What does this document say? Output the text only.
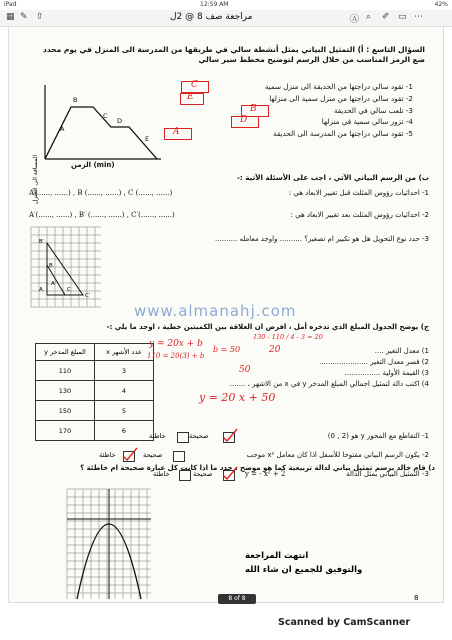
iPad	12:59 AM	42%
▦ ✎ ⇧	مراجعة صف 8 @ 2ل	Ⓐ ⌕ ✐ ▭ ⋯
السؤال التاسع : أ) التمثيل البياني يمثل أنشطة سالي في طريقها من المدرسة الى المنزل في يوم محدد
ضع الرمز المناسب من خلال الرسم لتوضيح مخطط سير سالي
1- تقود سالي دراجتها من الحديقة الى منزل سمية
2- تقود سالي دراجتها من منزل سمية الى منزلها
3- تلعب سالي في الحديقة
4- تزور سالي سمية في منزلها
5- تقود سالي دراجتها من المدرسة الى الحديقة
C
E
B
D
A
A
B
C
D
E
المسافة الى المنزل	(min) الزمن
ب) من الرسم البياني الآتي ، اجب على الأسئلة الآتية :-
1- احداثيات رؤوس المثلث قبل تغيير الابعاد هي :
A(......, ......) , B (......, ......) , C (......, ......)
2- احداثيات رؤوس المثلث بعد تغيير الابعاد هي :
A′(......, ......) , B′ (......, ......) , C′(......, ......)
3- حدد نوع التحويل هل هو تكبير ام تصغير؟ .......... واوجد معامله ..........
B′
B
A′
A	C
C′
www.almanahj.com
ج) يوضح الجدول المبلغ الذي تدخره أمل ، افرض ان العلاقة بين الكميتين خطية ، اوجد ما يلي :-
عدد الأشهر x	المبلغ المدخر y
3	110
4	130
5	150
6	170
1) معدل التغير ....
2) فسر معدل التغير ......................
3) القيمة الأولية ................
4) اكتب دالة لتمثيل اجمالي المبلغ المدخر y في x من الاشهر ، .......
y = 20x + b
110 = 20(3) + b
b = 50
130 - 110 / 4 - 3 = 20
20
50
y = 20 x + 50
د) قام خالد برسم تمثيل بياني لدالة تربيعية كما هو موضح ، حدد ما اذا كانت كل عبارة صحيحة ام خاطئة ؟
1- التقاطع مع المحور y هو (2 , 0)
2- يكون الرسم البياني مفتوحا للأسفل اذا كان معامل x² موجب
3- التمثيل البياني يمثل الدالة
y = - x² + 2
صحيحة
خاطئة
صحيحة
خاطئة
صحيحة
خاطئة
انتهت المراجعة
والتوفيق للجميع ان شاء الله
8
8 of 8
Scanned by CamScanner
